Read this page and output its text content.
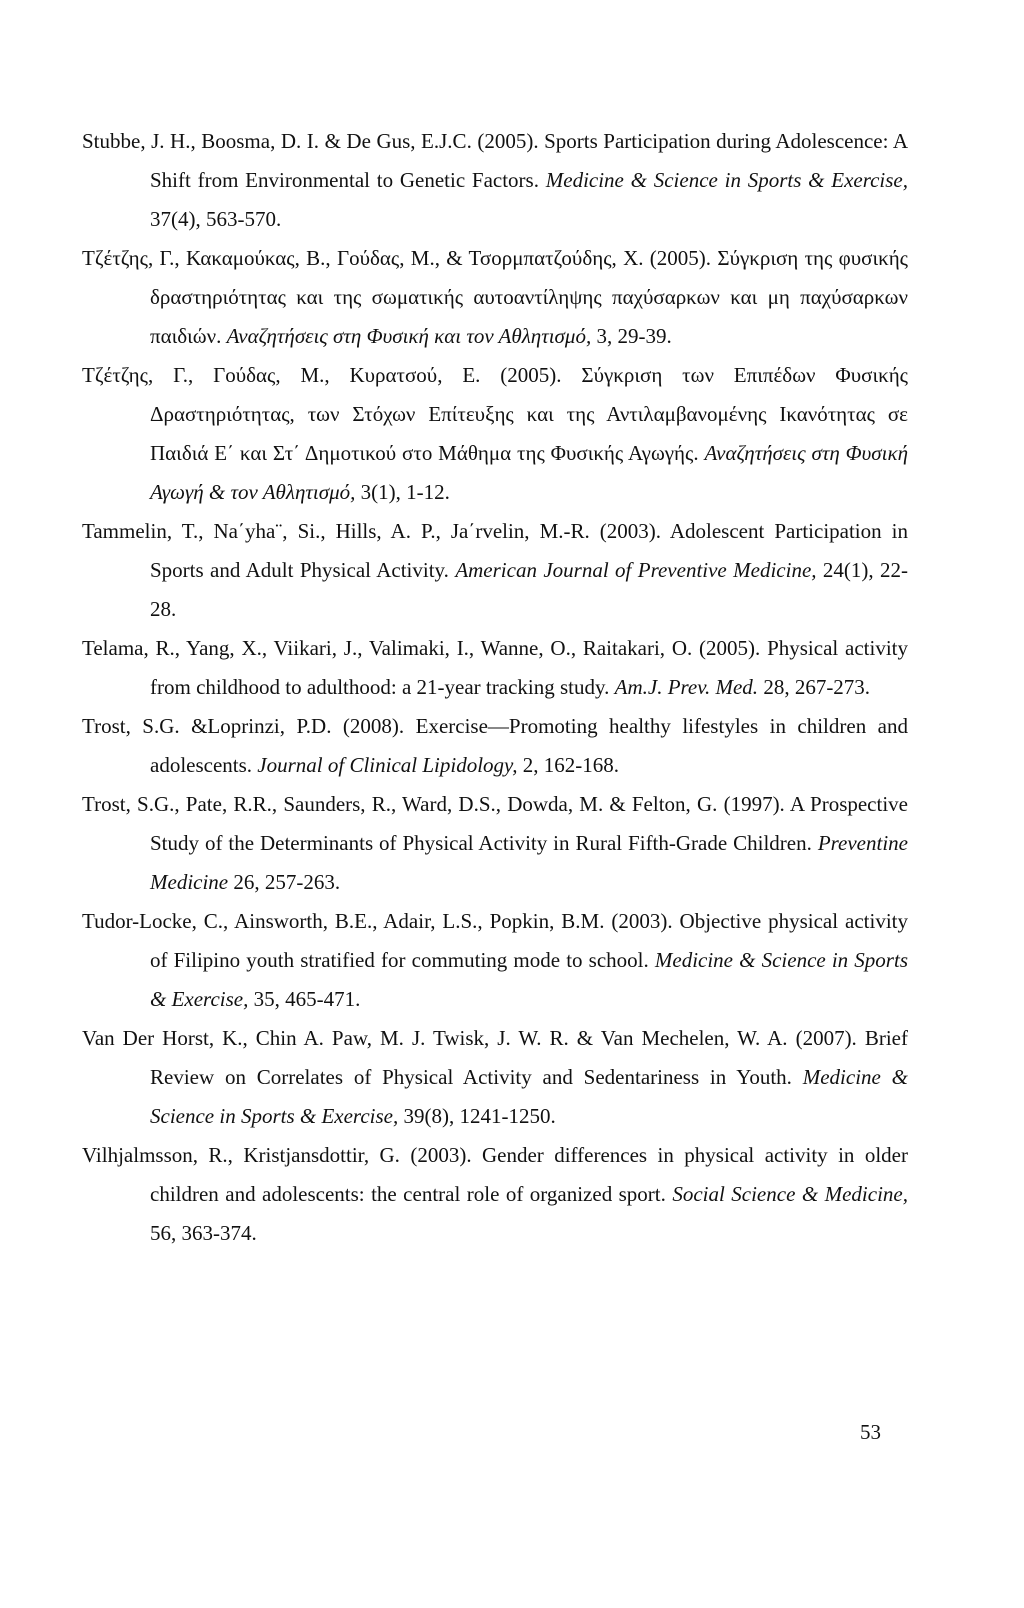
Stubbe, J. H., Boosma, D. I. & De Gus, E.J.C. (2005). Sports Participation during Adolescence: A Shift from Environmental to Genetic Factors. Medicine & Science in Sports & Exercise, 37(4), 563-570.

Τζέτζης, Γ., Κακαμούκας, Β., Γούδας, Μ., & Τσορμπατζούδης, Χ. (2005). Σύγκριση της φυσικής δραστηριότητας και της σωματικής αυτοαντίληψης παχύσαρκων και μη παχύσαρκων παιδιών. Αναζητήσεις στη Φυσική και τον Αθλητισμό, 3, 29-39.

Τζέτζης, Γ., Γούδας, Μ., Κυρατσού, Ε. (2005). Σύγκριση των Επιπέδων Φυσικής Δραστηριότητας, των Στόχων Επίτευξης και της Αντιλαμβανομένης Ικανότητας σε Παιδιά Ε΄ και Στ΄ Δημοτικού στο Μάθημα της Φυσικής Αγωγής. Αναζητήσεις στη Φυσική Αγωγή & τον Αθλητισμό, 3(1), 1-12.

Tammelin, T., Na΄yha¨, Si., Hills, A. P., Ja΄rvelin, M.-R. (2003). Adolescent Participation in Sports and Adult Physical Activity. American Journal of Preventive Medicine, 24(1), 22-28.

Telama, R., Yang, X., Viikari, J., Valimaki, I., Wanne, O., Raitakari, O. (2005). Physical activity from childhood to adulthood: a 21-year tracking study. Am.J. Prev. Med. 28, 267-273.

Trost, S.G. &Loprinzi, P.D. (2008). Exercise—Promoting healthy lifestyles in children and adolescents. Journal of Clinical Lipidology, 2, 162-168.

Trost, S.G., Pate, R.R., Saunders, R., Ward, D.S., Dowda, M. & Felton, G. (1997). A Prospective Study of the Determinants of Physical Activity in Rural Fifth-Grade Children. Preventine Medicine 26, 257-263.

Tudor-Locke, C., Ainsworth, B.E., Adair, L.S., Popkin, B.M. (2003). Objective physical activity of Filipino youth stratified for commuting mode to school. Medicine & Science in Sports & Exercise, 35, 465-471.

Van Der Horst, K., Chin A. Paw, M. J. Twisk, J. W. R. & Van Mechelen, W. A. (2007). Brief Review on Correlates of Physical Activity and Sedentariness in Youth. Medicine & Science in Sports & Exercise, 39(8), 1241-1250.

Vilhjalmsson, R., Kristjansdottir, G. (2003). Gender differences in physical activity in older children and adolescents: the central role of organized sport. Social Science & Medicine, 56, 363-374.

53
